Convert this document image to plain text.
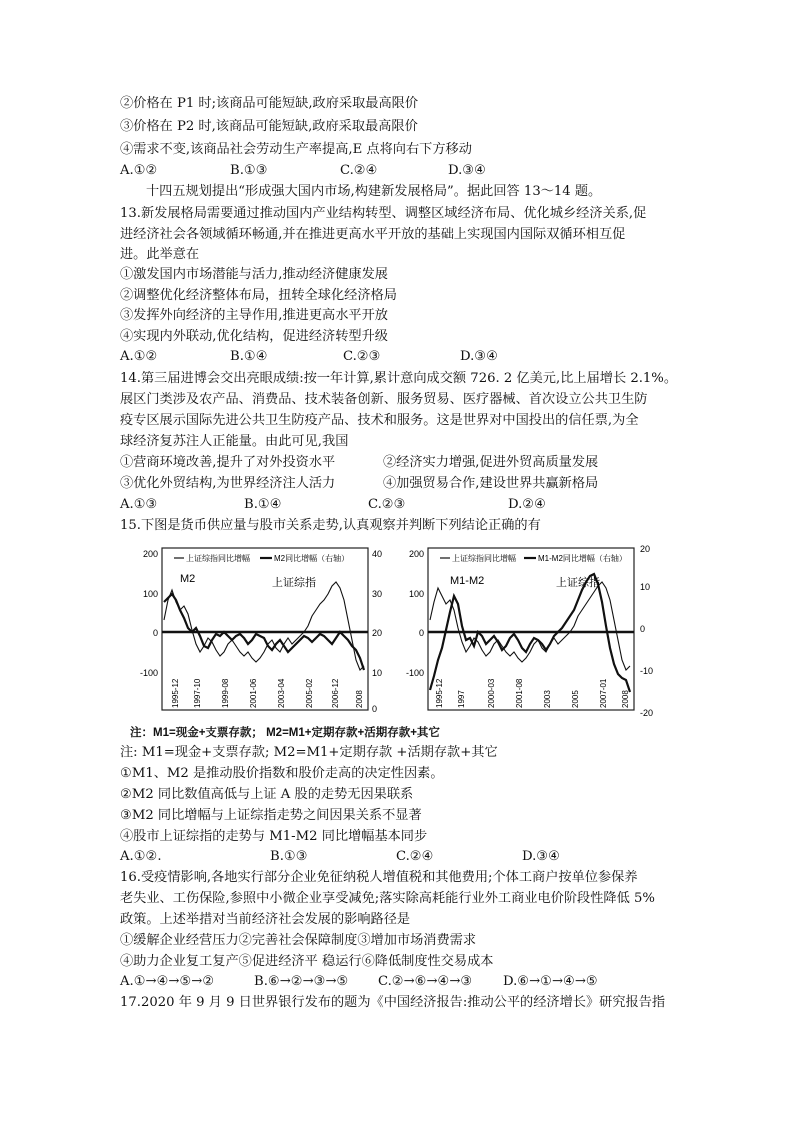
②价格在 P1 时;该商品可能短缺,政府采取最高限价
③价格在 P2 时,该商品可能短缺,政府采取最高限价
④需求不变,该商品社会劳动生产率提高,E 点将向右下方移动
A.①②	B.①③	C.②④	D.③④
十四五规划提出“形成强大国内市场,构建新发展格局”。据此回答 13～14 题。
13.新发展格局需要通过推动国内产业结构转型、调整区域经济布局、优化城乡经济关系,促
进经济社会各领域循环畅通,并在推进更高水平开放的基础上实现国内国际双循环相互促
进。此举意在
①激发国内市场潜能与活力,推动经济健康发展
②调整优化经济整体布局，扭转全球化经济格局
③发挥外向经济的主导作用,推进更高水平开放
④实现内外联动,优化结构，促进经济转型升级
A.①②	B.①④	C.②③	D.③④
14.第三届进博会交出亮眼成绩:按一年计算,累计意向成交额 726. 2 亿美元,比上届增长 2.1%。
展区门类涉及农产品、消费品、技术装备创新、服务贸易、医疗器械、首次设立公共卫生防
疫专区展示国际先进公共卫生防疫产品、技术和服务。这是世界对中国投出的信任票,为全
球经济复苏注人正能量。由此可见,我国
①营商环境改善,提升了对外投资水平	②经济实力增强,促进外贸高质量发展
③优化外贸结构,为世界经济注人活力	④加强贸易合作,建设世界共赢新格局
A.①③	B.①④	C.②③	D.②④
15.下图是货币供应量与股市关系走势,认真观察并判断下列结论正确的有
上证综指同比增幅	M2同比增幅（右轴）
200
100
0
-100
40
30
20
10
0
M2	上证综指
1995-12 1997-10 1999-08 2001-06 2003-04 2005-02 2006-12 2008
上证综指同比增幅	M1-M2同比增幅（右轴）
200
100
0
-100
20
10
0
-10
-20
M1-M2	上证综指
1995-12 1997	2000-03 2001-08 2003 2005 2007-01 2008
注：M1=现金+支票存款； M2=M1+定期存款+活期存款+其它
注: M1=现金+支票存款; M2=M1+定期存款 +活期存款+其它
①M1、M2 是推动股价指数和股价走高的决定性因素。
②M2 同比数值高低与上证 A 股的走势无因果联系
③M2 同比增幅与上证综指走势之间因果关系不显著
④股市上证综指的走势与 M1-M2 同比增幅基本同步
A.①②.	B.①③	C.②④	D.③④
16.受疫情影响,各地实行部分企业免征纳税人增值税和其他费用;个体工商户按单位参保养
老失业、工伤保险,参照中小微企业享受减免;落实除高耗能行业外工商业电价阶段性降低 5%
政策。上述举措对当前经济社会发展的影响路径是
①缓解企业经营压力②完善社会保障制度③增加市场消费需求
④助力企业复工复产⑤促进经济平 稳运行⑥降低制度性交易成本
A.①→④→⑤→②	B.⑥→②→③→⑤ C.②→⑥→④→③ D.⑥→①→④→⑤
17.2020 年 9 月 9 日世界银行发布的题为《中国经济报告:推动公平的经济增长》研究报告指
